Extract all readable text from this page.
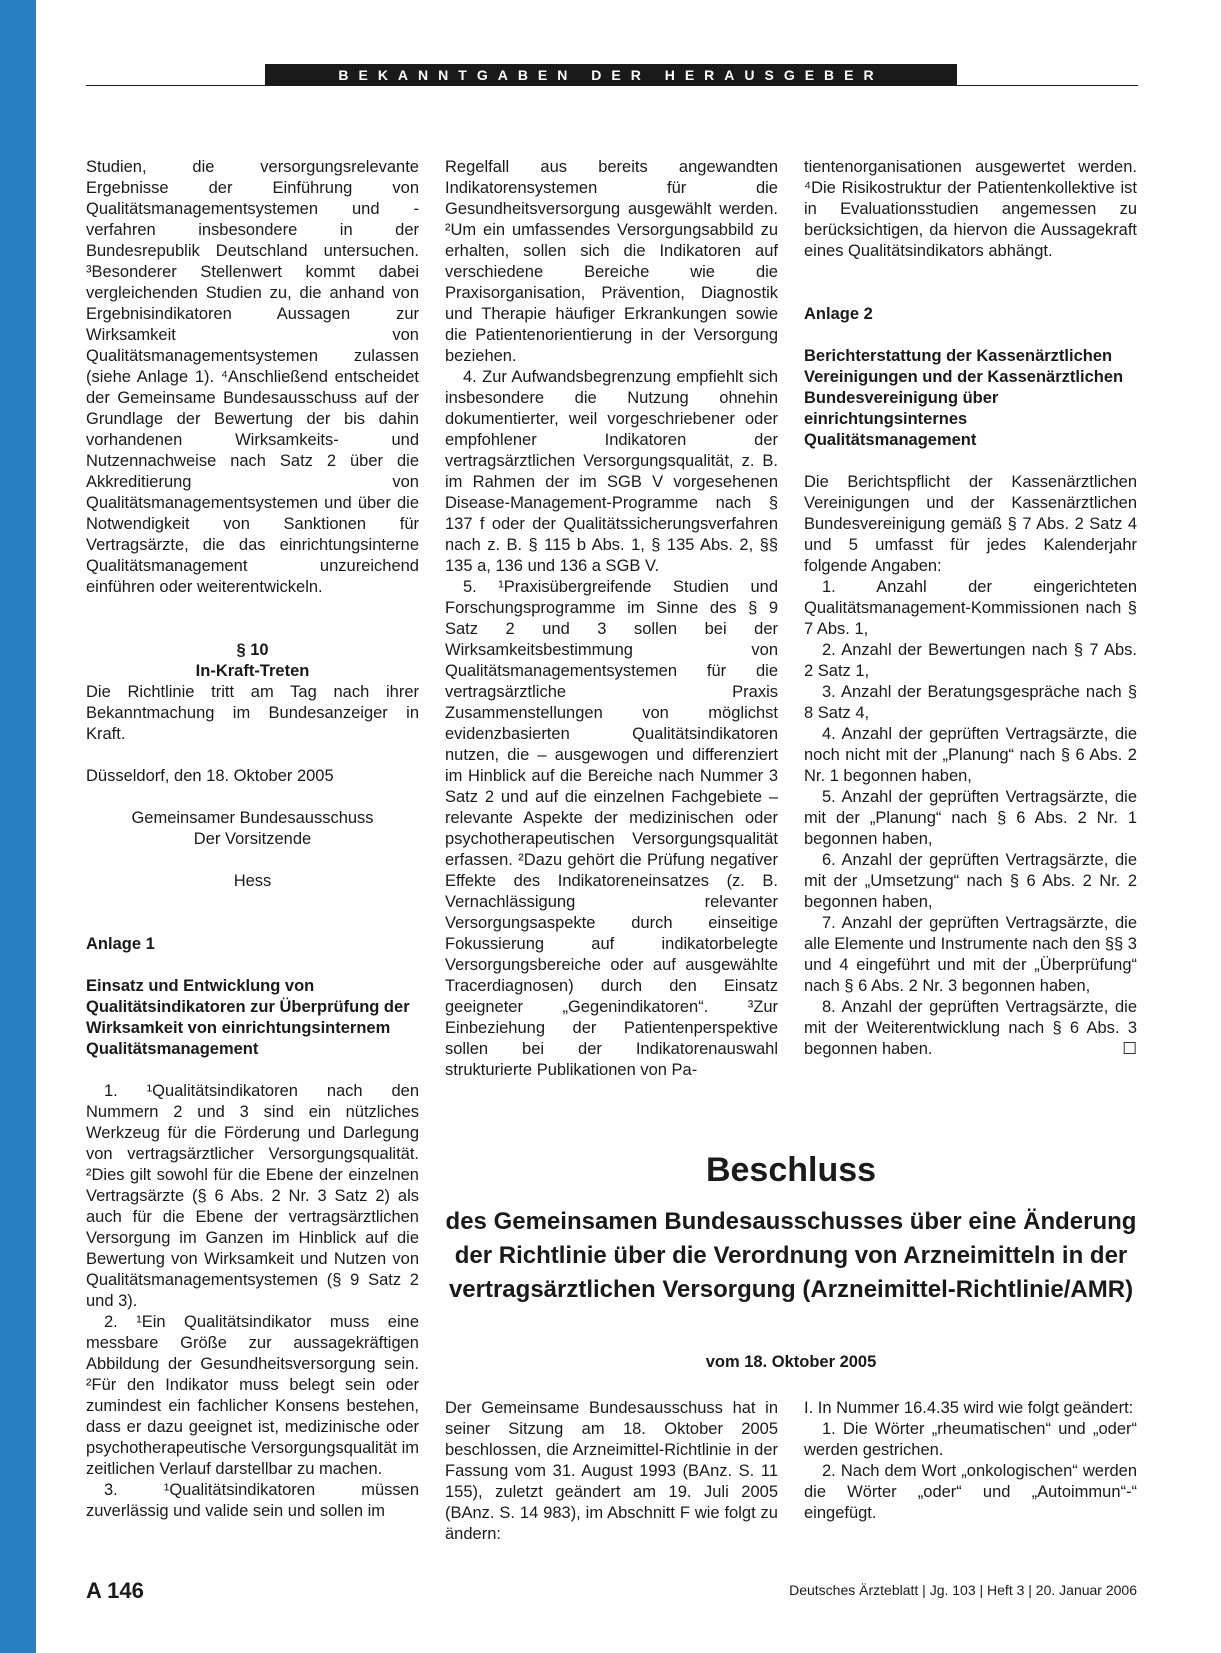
BEKANNTGABEN DER HERAUSGEBER

Studien, die versorgungsrelevante Ergebnisse der Einführung von Qualitätsmanagementsystemen und -verfahren insbesondere in der Bundesrepublik Deutschland untersuchen. ³Besonderer Stellenwert kommt dabei vergleichenden Studien zu, die anhand von Ergebnisindikatoren Aussagen zur Wirksamkeit von Qualitätsmanagementsystemen zulassen (siehe Anlage 1). ⁴Anschließend entscheidet der Gemeinsame Bundesausschuss auf der Grundlage der Bewertung der bis dahin vorhandenen Wirksamkeits- und Nutzennachweise nach Satz 2 über die Akkreditierung von Qualitätsmanagementsystemen und über die Notwendigkeit von Sanktionen für Vertragsärzte, die das einrichtungsinterne Qualitätsmanagement unzureichend einführen oder weiterentwickeln.

§ 10

In-Kraft-Treten

Die Richtlinie tritt am Tag nach ihrer Bekanntmachung im Bundesanzeiger in Kraft.

Düsseldorf, den 18. Oktober 2005

Gemeinsamer Bundesausschuss

Der Vorsitzende

Hess

Anlage 1

Einsatz und Entwicklung von Qualitätsindikatoren zur Überprüfung der Wirksamkeit von einrichtungsinternem Qualitätsmanagement

1. ¹Qualitätsindikatoren nach den Nummern 2 und 3 sind ein nützliches Werkzeug für die Förderung und Darlegung von vertragsärztlicher Versorgungsqualität. ²Dies gilt sowohl für die Ebene der einzelnen Vertragsärzte (§ 6 Abs. 2 Nr. 3 Satz 2) als auch für die Ebene der vertragsärztlichen Versorgung im Ganzen im Hinblick auf die Bewertung von Wirksamkeit und Nutzen von Qualitätsmanagementsystemen (§ 9 Satz 2 und 3).

2. ¹Ein Qualitätsindikator muss eine messbare Größe zur aussagekräftigen Abbildung der Gesundheitsversorgung sein. ²Für den Indikator muss belegt sein oder zumindest ein fachlicher Konsens bestehen, dass er dazu geeignet ist, medizinische oder psychotherapeutische Versorgungsqualität im zeitlichen Verlauf darstellbar zu machen.

3. ¹Qualitätsindikatoren müssen zuverlässig und valide sein und sollen im

Regelfall aus bereits angewandten Indikatorensystemen für die Gesundheitsversorgung ausgewählt werden. ²Um ein umfassendes Versorgungsabbild zu erhalten, sollen sich die Indikatoren auf verschiedene Bereiche wie die Praxisorganisation, Prävention, Diagnostik und Therapie häufiger Erkrankungen sowie die Patientenorientierung in der Versorgung beziehen.

4. Zur Aufwandsbegrenzung empfiehlt sich insbesondere die Nutzung ohnehin dokumentierter, weil vorgeschriebener oder empfohlener Indikatoren der vertragsärztlichen Versorgungsqualität, z. B. im Rahmen der im SGB V vorgesehenen Disease-Management-Programme nach § 137 f oder der Qualitätssicherungsverfahren nach z. B. § 115 b Abs. 1, § 135 Abs. 2, §§ 135 a, 136 und 136 a SGB V.

5. ¹Praxisübergreifende Studien und Forschungsprogramme im Sinne des § 9 Satz 2 und 3 sollen bei der Wirksamkeitsbestimmung von Qualitätsmanagementsystemen für die vertragsärztliche Praxis Zusammenstellungen von möglichst evidenzbasierten Qualitätsindikatoren nutzen, die – ausgewogen und differenziert im Hinblick auf die Bereiche nach Nummer 3 Satz 2 und auf die einzelnen Fachgebiete – relevante Aspekte der medizinischen oder psychotherapeutischen Versorgungsqualität erfassen. ²Dazu gehört die Prüfung negativer Effekte des Indikatoreneinsatzes (z. B. Vernachlässigung relevanter Versorgungsaspekte durch einseitige Fokussierung auf indikatorbelegte Versorgungsbereiche oder auf ausgewählte Tracerdiagnosen) durch den Einsatz geeigneter „Gegenindikatoren“. ³Zur Einbeziehung der Patientenperspektive sollen bei der Indikatorenauswahl strukturierte Publikationen von Pa-

tientenorganisationen ausgewertet werden. ⁴Die Risikostruktur der Patientenkollektive ist in Evaluationsstudien angemessen zu berücksichtigen, da hiervon die Aussagekraft eines Qualitätsindikators abhängt.

Anlage 2

Berichterstattung der Kassenärztlichen Vereinigungen und der Kassenärztlichen Bundesvereinigung über einrichtungsinternes Qualitätsmanagement

Die Berichtspflicht der Kassenärztlichen Vereinigungen und der Kassenärztlichen Bundesvereinigung gemäß § 7 Abs. 2 Satz 4 und 5 umfasst für jedes Kalenderjahr folgende Angaben:

1. Anzahl der eingerichteten Qualitätsmanagement-Kommissionen nach § 7 Abs. 1,

2. Anzahl der Bewertungen nach § 7 Abs. 2 Satz 1,

3. Anzahl der Beratungsgespräche nach § 8 Satz 4,

4. Anzahl der geprüften Vertragsärzte, die noch nicht mit der „Planung“ nach § 6 Abs. 2 Nr. 1 begonnen haben,

5. Anzahl der geprüften Vertragsärzte, die mit der „Planung“ nach § 6 Abs. 2 Nr. 1 begonnen haben,

6. Anzahl der geprüften Vertragsärzte, die mit der „Umsetzung“ nach § 6 Abs. 2 Nr. 2 begonnen haben,

7. Anzahl der geprüften Vertragsärzte, die alle Elemente und Instrumente nach den §§ 3 und 4 eingeführt und mit der „Überprüfung“ nach § 6 Abs. 2 Nr. 3 begonnen haben,

8. Anzahl der geprüften Vertragsärzte, die mit der Weiterentwicklung nach § 6 Abs. 3 begonnen haben.	☐

Beschluss
des Gemeinsamen Bundesausschusses über eine Änderung der Richtlinie über die Verordnung von Arzneimitteln in der vertragsärztlichen Versorgung (Arzneimittel-Richtlinie/AMR)
vom 18. Oktober 2005

Der Gemeinsame Bundesausschuss hat in seiner Sitzung am 18. Oktober 2005 beschlossen, die Arzneimittel-Richtlinie in der Fassung vom 31. August 1993 (BAnz. S. 11 155), zuletzt geändert am 19. Juli 2005 (BAnz. S. 14 983), im Abschnitt F wie folgt zu ändern:

I. In Nummer 16.4.35 wird wie folgt geändert:

1. Die Wörter „rheumatischen“ und „oder“ werden gestrichen.

2. Nach dem Wort „onkologischen“ werden die Wörter „oder“ und „Autoimmun“-“ eingefügt.

A 146	Deutsches Ärzteblatt | Jg. 103 | Heft 3 | 20. Januar 2006
